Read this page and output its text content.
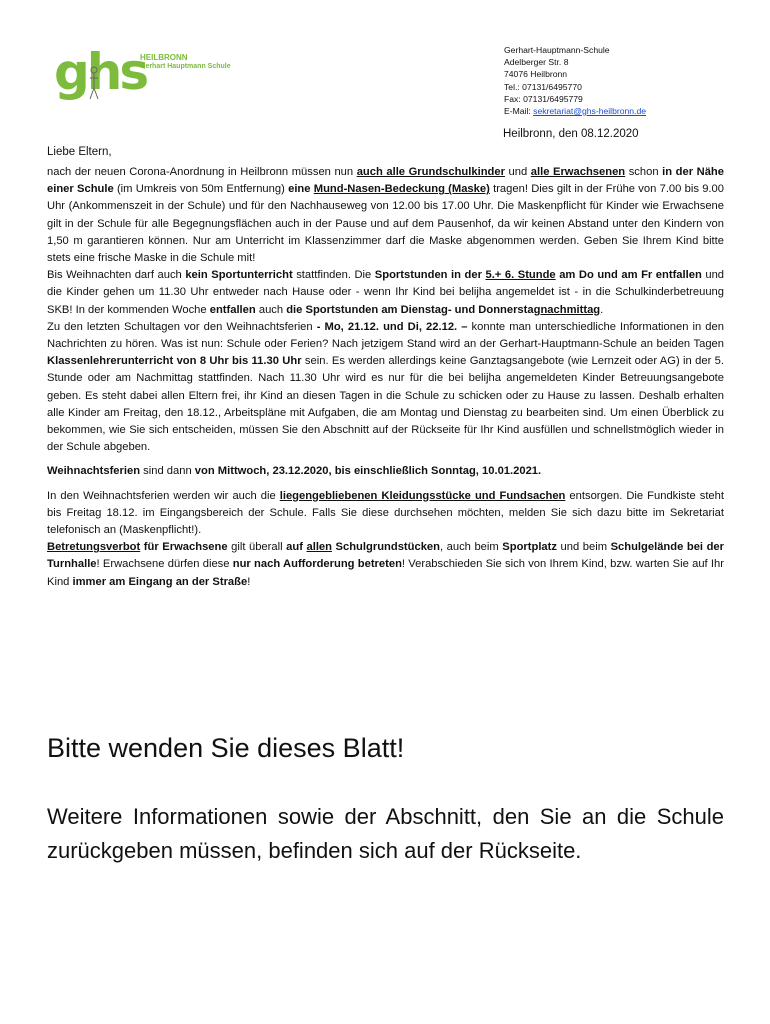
ghs
HEILBRONN
Gerhart Hauptmann Schule
Gerhart-Hauptmann-Schule
Adelberger Str. 8
74076 Heilbronn
Tel.: 07131/6495770
Fax: 07131/6495779
E-Mail: sekretariat@ghs-heilbronn.de
Heilbronn, den 08.12.2020
Liebe Eltern,

nach der neuen Corona-Anordnung in Heilbronn müssen nun auch alle Grundschulkinder und alle Erwachsenen schon in der Nähe einer Schule (im Umkreis von 50m Entfernung) eine Mund-Nasen-Bedeckung (Maske) tragen! Dies gilt in der Frühe von 7.00 bis 9.00 Uhr (Ankommenszeit in der Schule) und für den Nachhauseweg von 12.00 bis 17.00 Uhr. Die Maskenpflicht für Kinder wie Erwachsene gilt in der Schule für alle Begegnungsflächen auch in der Pause und auf dem Pausenhof, da wir keinen Abstand unter den Kindern von 1,50 m garantieren können. Nur am Unterricht im Klassenzimmer darf die Maske abgenommen werden. Geben Sie Ihrem Kind bitte stets eine frische Maske in die Schule mit!

Bis Weihnachten darf auch kein Sportunterricht stattfinden. Die Sportstunden in der 5.+ 6. Stunde am Do und am Fr entfallen und die Kinder gehen um 11.30 Uhr entweder nach Hause oder - wenn Ihr Kind bei belijha angemeldet ist - in die Schulkinderbetreuung SKB! In der kommenden Woche entfallen auch die Sportstunden am Dienstag- und Donnerstagnachmittag.

Zu den letzten Schultagen vor den Weihnachtsferien - Mo, 21.12. und Di, 22.12. – konnte man unterschiedliche Informationen in den Nachrichten zu hören. Was ist nun: Schule oder Ferien? Nach jetzigem Stand wird an der Gerhart-Hauptmann-Schule an beiden Tagen Klassenlehrerunterricht von 8 Uhr bis 11.30 Uhr sein. Es werden allerdings keine Ganztagsangebote (wie Lernzeit oder AG) in der 5. Stunde oder am Nachmittag stattfinden. Nach 11.30 Uhr wird es nur für die bei belijha angemeldeten Kinder Betreuungsangebote geben. Es steht dabei allen Eltern frei, ihr Kind an diesen Tagen in die Schule zu schicken oder zu Hause zu lassen. Deshalb erhalten alle Kinder am Freitag, den 18.12., Arbeitspläne mit Aufgaben, die am Montag und Dienstag zu bearbeiten sind. Um einen Überblick zu bekommen, wie Sie sich entscheiden, müssen Sie den Abschnitt auf der Rückseite für Ihr Kind ausfüllen und schnellstmöglich wieder in der Schule abgeben.

Weihnachtsferien sind dann von Mittwoch, 23.12.2020, bis einschließlich Sonntag, 10.01.2021.

In den Weihnachtsferien werden wir auch die liegengebliebenen Kleidungsstücke und Fundsachen entsorgen. Die Fundkiste steht bis Freitag 18.12. im Eingangsbereich der Schule. Falls Sie diese durchsehen möchten, melden Sie sich dazu bitte im Sekretariat telefonisch an (Maskenpflicht!).

Betretungsverbot für Erwachsene gilt überall auf allen Schulgrundstücken, auch beim Sportplatz und beim Schulgelände bei der Turnhalle! Erwachsene dürfen diese nur nach Aufforderung betreten! Verabschieden Sie sich von Ihrem Kind, bzw. warten Sie auf Ihr Kind immer am Eingang an der Straße!

Bitte wenden Sie dieses Blatt!
Weitere Informationen sowie der Abschnitt, den Sie an die Schule zurückgeben müssen, befinden sich auf der Rückseite.
